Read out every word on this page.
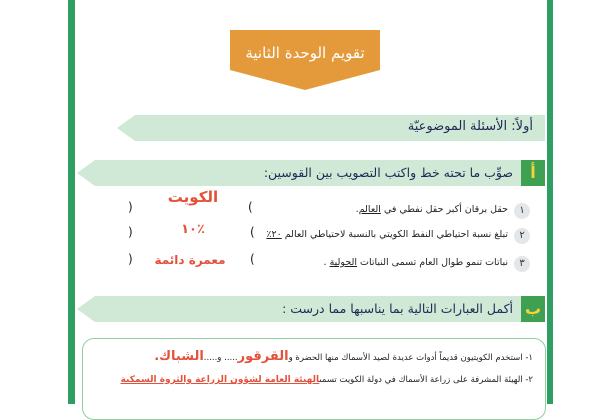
تقويم الوحدة الثانية
أولاً: الأسئلة الموضوعيّة
أ
صوِّب ما تحته خط واكتب التصويب بين القوسين:
١
حقل برقان أكبر حقل نفطي في العالم.
(
)
الكويت
٢
تبلغ نسبة احتياطي النفط الكويتي بالنسبة لاحتياطي العالم ٢٠٪
(
)	٪١٠
٣
نباتات تنمو طوال العام تسمى النباتات الحولية .
(
)	معمرة دائمة
ب
أكمل العبارات التالية بما يناسبها مما درست :
١- استخدم الكويتيون قديماً أدوات عديدة لصيد الأسماك منها الحضرة والقرقور..... و.....الشباك.
٢- الهيئة المشرفة على زراعة الأسماك في دولة الكويت تسمىالهيئة العامة لشؤون الزراعة والثروة السمكية
